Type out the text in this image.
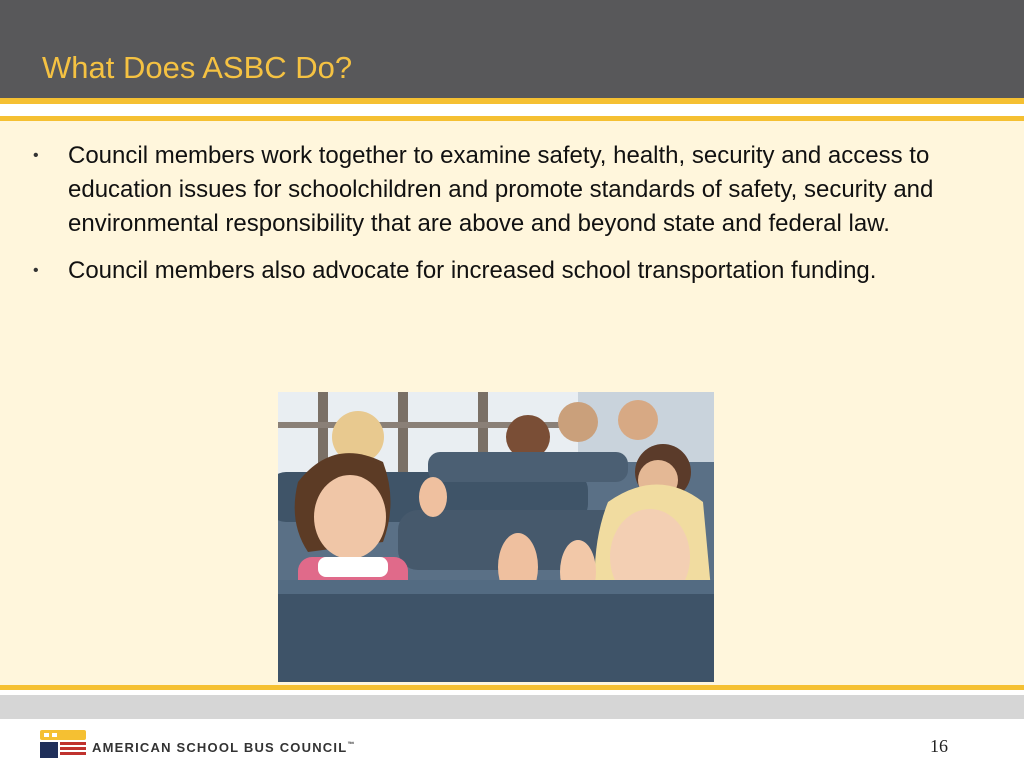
What Does ASBC Do?
• Council members work together to examine safety, health, security and access to education issues for schoolchildren and promote standards of safety, security and environmental responsibility that are above and beyond state and federal law.
• Council members also advocate for increased school transportation funding.
AMERICAN SCHOOL BUS COUNCIL™	16
